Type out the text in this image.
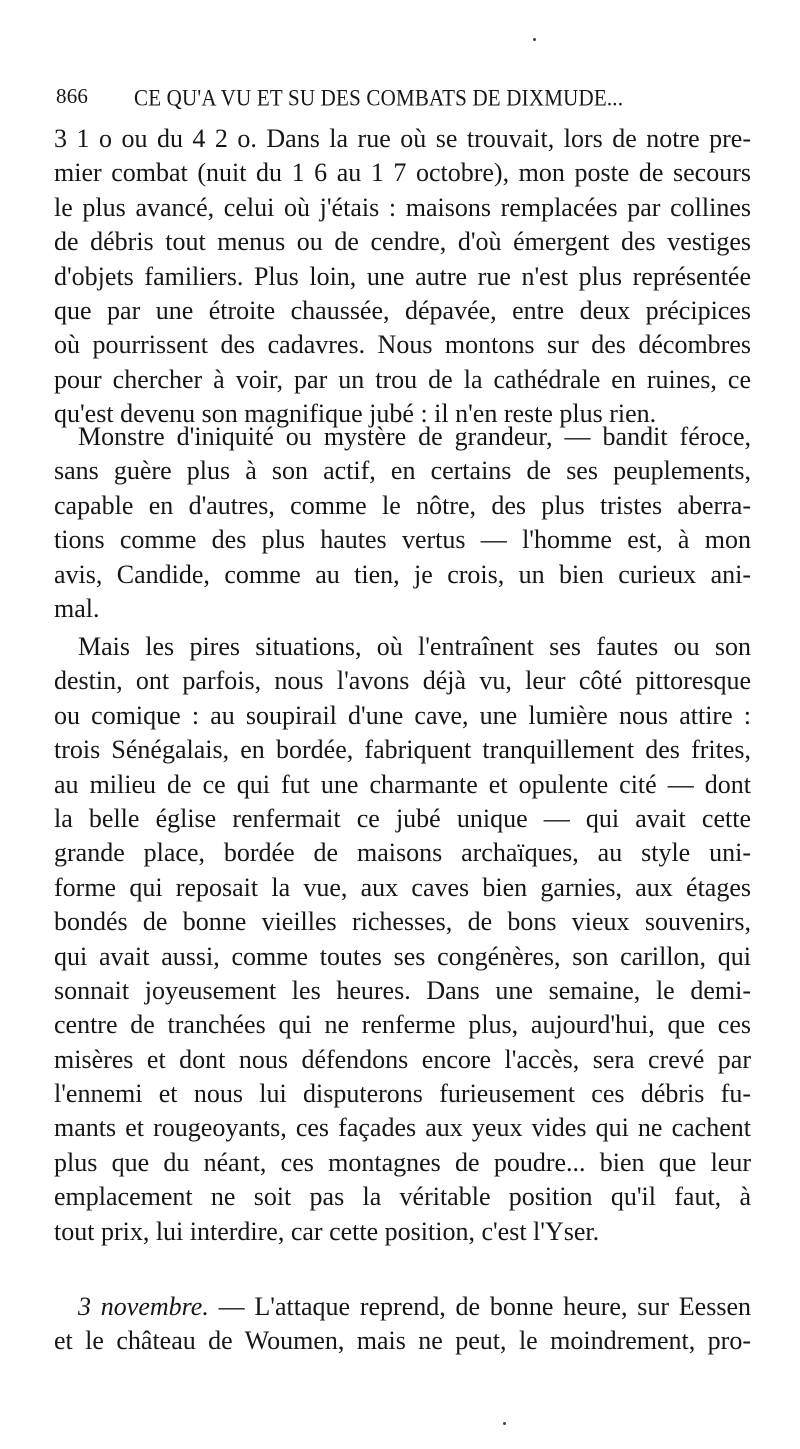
866 CE QU'A VU ET SU DES COMBATS DE DIXMUDE...
3 1 o ou du 4 2 o. Dans la rue où se trouvait, lors de notre pre-
mier combat (nuit du 1 6 au 1 7 octobre), mon poste de secours
le plus avancé, celui où j'étais : maisons remplacées par collines
de débris tout menus ou de cendre, d'où émergent des vestiges
d'objets familiers. Plus loin, une autre rue n'est plus représentée
que par une étroite chaussée, dépavée, entre deux précipices
où pourrissent des cadavres. Nous montons sur des décombres
pour chercher à voir, par un trou de la cathédrale en ruines, ce
qu'est devenu son magnifique jubé : il n'en reste plus rien.
Monstre d'iniquité ou mystère de grandeur, — bandit féroce,
sans guère plus à son actif, en certains de ses peuplements,
capable en d'autres, comme le nôtre, des plus tristes aberra-
tions comme des plus hautes vertus — l'homme est, à mon
avis, Candide, comme au tien, je crois, un bien curieux ani-
mal.
Mais les pires situations, où l'entraînent ses fautes ou son
destin, ont parfois, nous l'avons déjà vu, leur côté pittoresque
ou comique : au soupirail d'une cave, une lumière nous attire :
trois Sénégalais, en bordée, fabriquent tranquillement des frites,
au milieu de ce qui fut une charmante et opulente cité — dont
la belle église renfermait ce jubé unique — qui avait cette
grande place, bordée de maisons archaïques, au style uni-
forme qui reposait la vue, aux caves bien garnies, aux étages
bondés de bonne vieilles richesses, de bons vieux souvenirs,
qui avait aussi, comme toutes ses congénères, son carillon, qui
sonnait joyeusement les heures. Dans une semaine, le demi-
centre de tranchées qui ne renferme plus, aujourd'hui, que ces
misères et dont nous défendons encore l'accès, sera crevé par
l'ennemi et nous lui disputerons furieusement ces débris fu-
mants et rougeoyants, ces façades aux yeux vides qui ne cachent
plus que du néant, ces montagnes de poudre... bien que leur
emplacement ne soit pas la véritable position qu'il faut, à
tout prix, lui interdire, car cette position, c'est l'Yser.
3 novembre. — L'attaque reprend, de bonne heure, sur Eessen
et le château de Woumen, mais ne peut, le moindrement, pro-
